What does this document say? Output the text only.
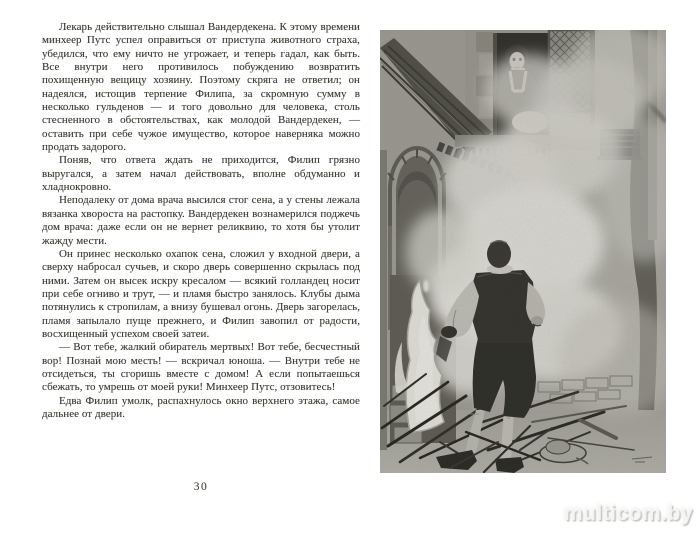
Лекарь действительно слышал Вандердекена. К этому времени минхеер Путс успел оправиться от приступа животного страха, убедился, что ему ничто не угрожает, и теперь гадал, как быть. Все внутри него противилось побуждению возвратить похищенную вещицу хозяину. Поэтому скряга не ответил; он надеялся, истощив терпение Филипа, за скромную сумму в несколько гульденов — и того довольно для человека, столь стесненного в обстоятельствах, как молодой Вандердекен, — оставить при себе чужое имущество, которое наверняка можно продать задорого.

Поняв, что ответа ждать не приходится, Филип грязно выругался, а затем начал действовать, вполне обдуманно и хладнокровно.

Неподалеку от дома врача высился стог сена, а у стены лежала вязанка хвороста на растопку. Вандердекен вознамерился поджечь дом врача: даже если он не вернет реликвию, то хотя бы утолит жажду мести.

Он принес несколько охапок сена, сложил у входной двери, а сверху набросал сучьев, и скоро дверь совершенно скрылась под ними. Затем он высек искру кресалом — всякий голландец носит при себе огниво и трут, — и пламя быстро занялось. Клубы дыма потянулись к стропилам, а внизу бушевал огонь. Дверь загорелась, пламя запылало пуще прежнего, и Филип завопил от радости, восхищенный успехом своей затеи.

— Вот тебе, жалкий обиратель мертвых! Вот тебе, бесчестный вор! Познай мою месть! — вскричал юноша. — Внутри тебе не отсидеться, ты сгоришь вместе с домом! А если попытаешься сбежать, то умрешь от моей руки! Минхеер Путс, отзовитесь!

Едва Филип умолк, распахнулось окно верхнего этажа, самое дальнее от двери.

30
multicom.by
